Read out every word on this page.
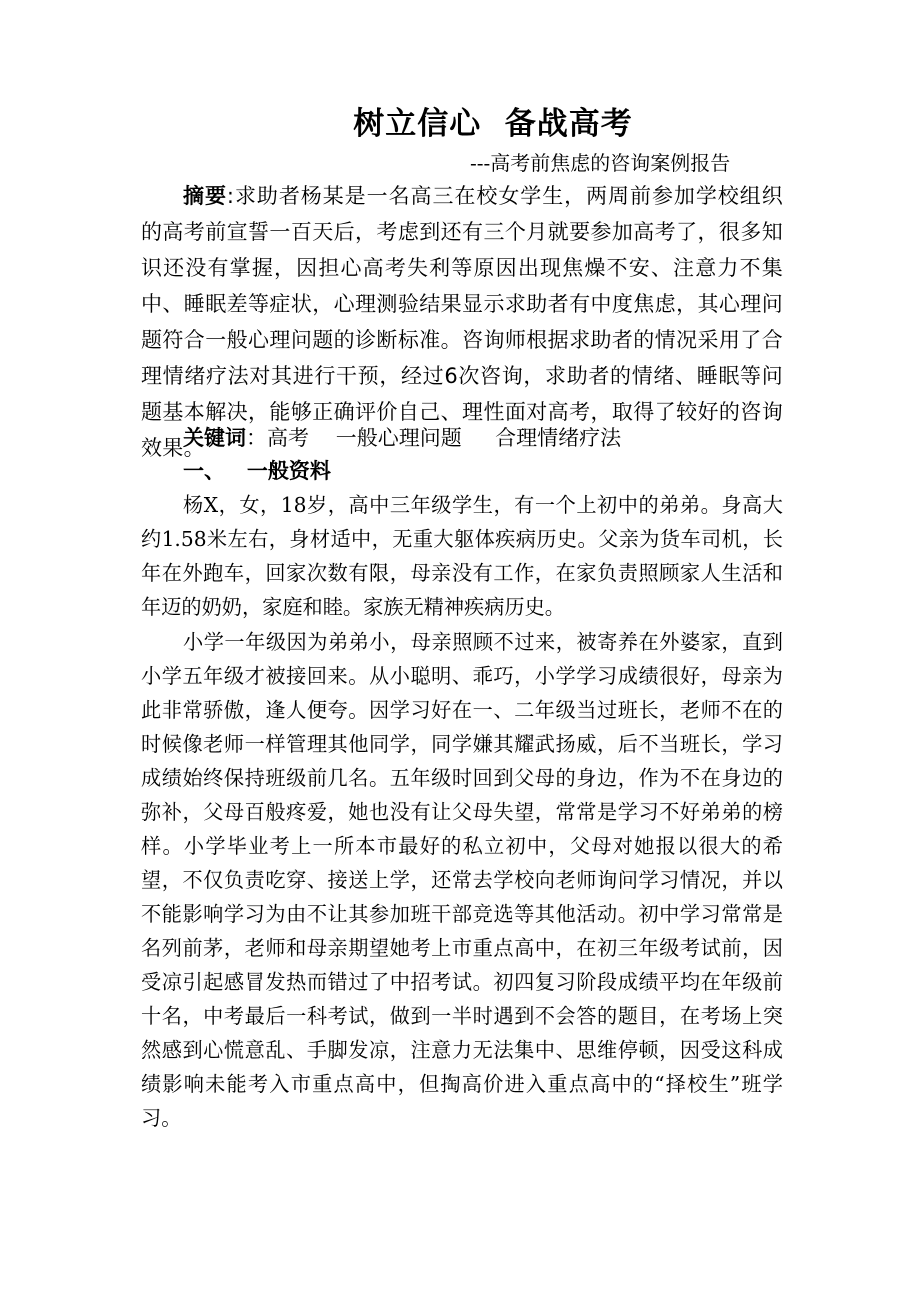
树立信心  备战高考
---高考前焦虑的咨询案例报告
摘要:求助者杨某是一名高三在校女学生，两周前参加学校组织的高考前宣誓一百天后，考虑到还有三个月就要参加高考了，很多知识还没有掌握，因担心高考失利等原因出现焦燥不安、注意力不集中、睡眠差等症状，心理测验结果显示求助者有中度焦虑，其心理问题符合一般心理问题的诊断标准。咨询师根据求助者的情况采用了合理情绪疗法对其进行干预，经过6次咨询，求助者的情绪、睡眠等问题基本解决，能够正确评价自己、理性面对高考，取得了较好的咨询效果。
关键词：高考    一般心理问题     合理情绪疗法
一、   一般资料
杨X，女，18岁，高中三年级学生，有一个上初中的弟弟。身高大约1.58米左右，身材适中，无重大躯体疾病历史。父亲为货车司机，长年在外跑车，回家次数有限，母亲没有工作，在家负责照顾家人生活和年迈的奶奶，家庭和睦。家族无精神疾病历史。
小学一年级因为弟弟小，母亲照顾不过来，被寄养在外婆家，直到小学五年级才被接回来。从小聪明、乖巧，小学学习成绩很好，母亲为此非常骄傲，逢人便夸。因学习好在一、二年级当过班长，老师不在的时候像老师一样管理其他同学，同学嫌其耀武扬威，后不当班长，学习成绩始终保持班级前几名。五年级时回到父母的身边，作为不在身边的弥补，父母百般疼爱，她也没有让父母失望，常常是学习不好弟弟的榜样。小学毕业考上一所本市最好的私立初中，父母对她报以很大的希望，不仅负责吃穿、接送上学，还常去学校向老师询问学习情况，并以不能影响学习为由不让其参加班干部竞选等其他活动。初中学习常常是名列前茅，老师和母亲期望她考上市重点高中，在初三年级考试前，因受凉引起感冒发热而错过了中招考试。初四复习阶段成绩平均在年级前十名，中考最后一科考试，做到一半时遇到不会答的题目，在考场上突然感到心慌意乱、手脚发凉，注意力无法集中、思维停顿，因受这科成绩影响未能考入市重点高中，但掏高价进入重点高中的“择校生”班学习。
